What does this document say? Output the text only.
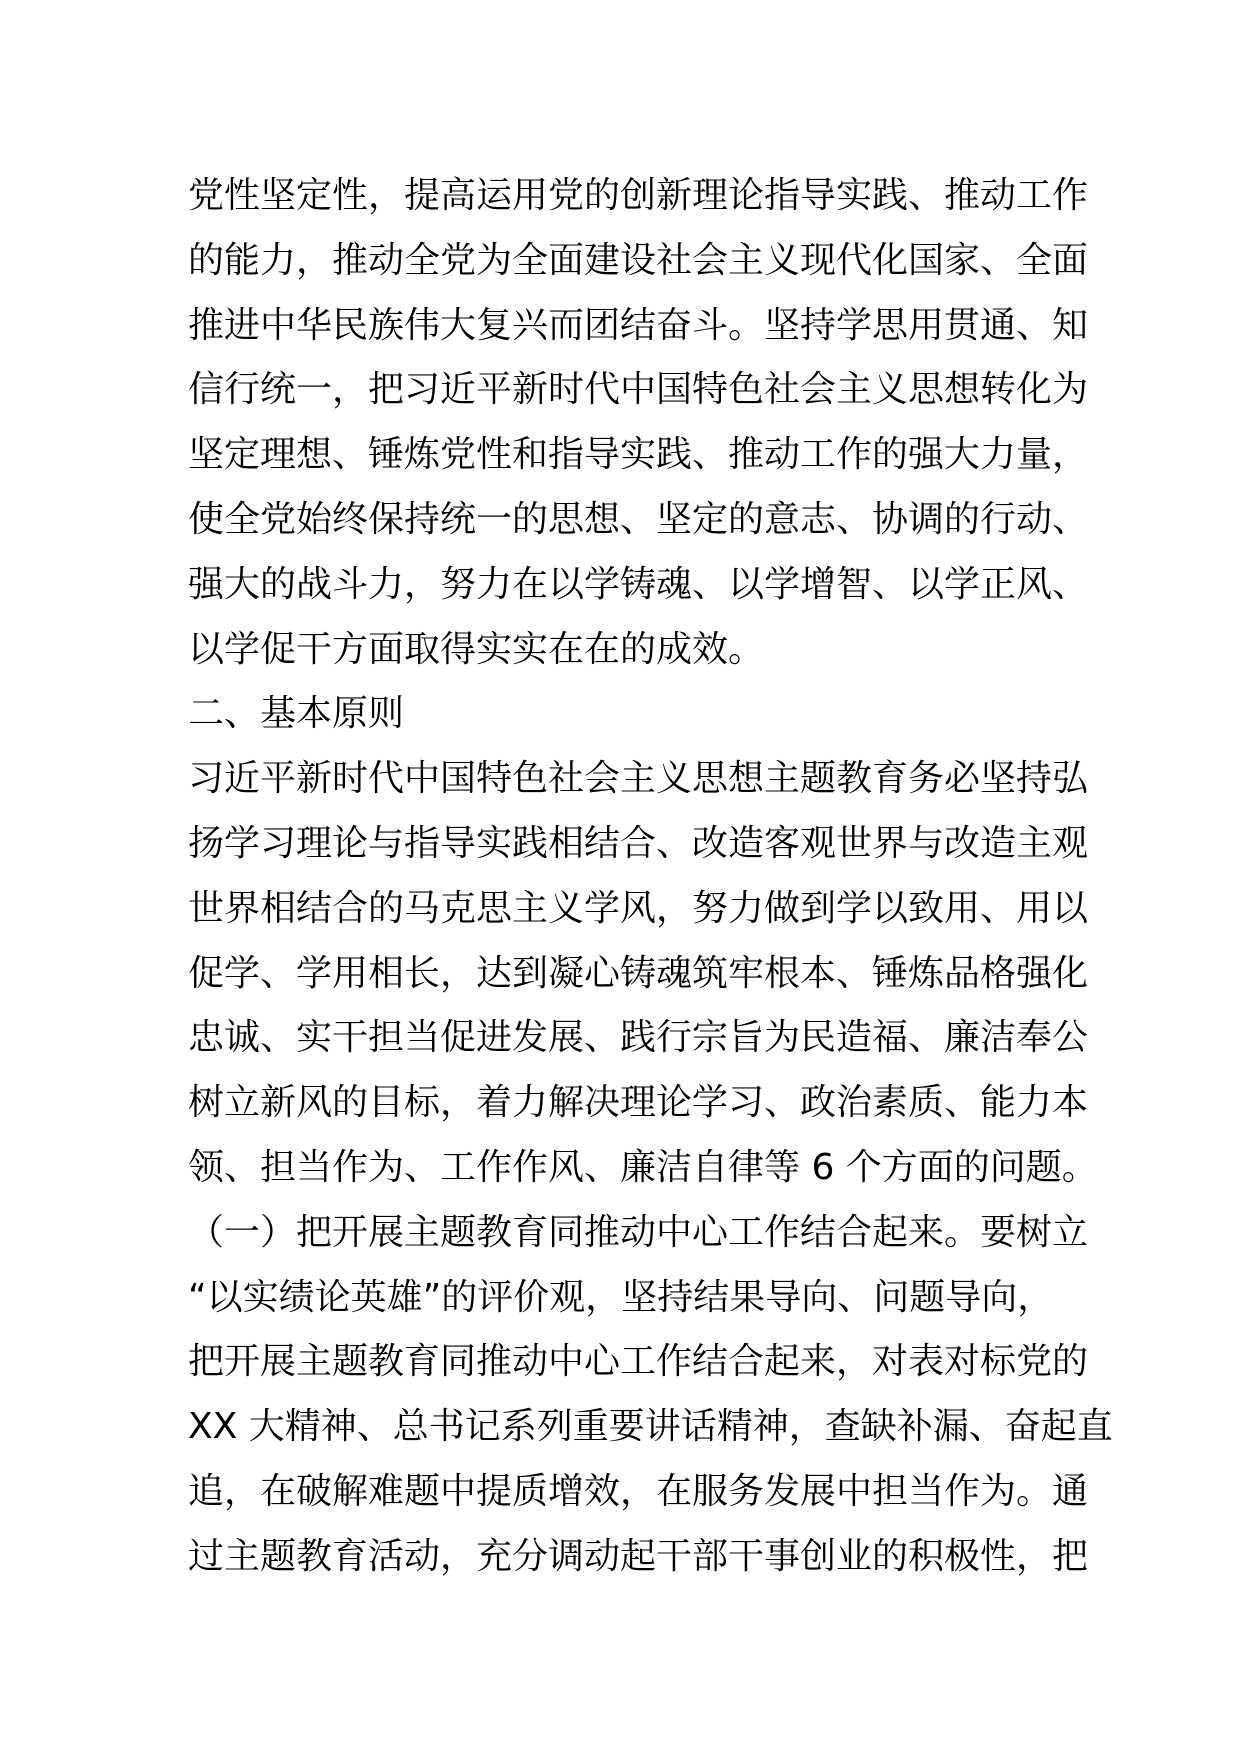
党性坚定性，提高运用党的创新理论指导实践、推动工作
的能力，推动全党为全面建设社会主义现代化国家、全面
推进中华民族伟大复兴而团结奋斗。坚持学思用贯通、知
信行统一，把习近平新时代中国特色社会主义思想转化为
坚定理想、锤炼党性和指导实践、推动工作的强大力量，
使全党始终保持统一的思想、坚定的意志、协调的行动、
强大的战斗力，努力在以学铸魂、以学增智、以学正风、
以学促干方面取得实实在在的成效。
二、基本原则
习近平新时代中国特色社会主义思想主题教育务必坚持弘
扬学习理论与指导实践相结合、改造客观世界与改造主观
世界相结合的马克思主义学风，努力做到学以致用、用以
促学、学用相长，达到凝心铸魂筑牢根本、锤炼品格强化
忠诚、实干担当促进发展、践行宗旨为民造福、廉洁奉公
树立新风的目标，着力解决理论学习、政治素质、能力本
领、担当作为、工作作风、廉洁自律等 6 个方面的问题。
（一）把开展主题教育同推动中心工作结合起来。要树立
“以实绩论英雄”的评价观，坚持结果导向、问题导向，
把开展主题教育同推动中心工作结合起来，对表对标党的
XX 大精神、总书记系列重要讲话精神，查缺补漏、奋起直
追，在破解难题中提质增效，在服务发展中担当作为。通
过主题教育活动，充分调动起干部干事创业的积极性，把
